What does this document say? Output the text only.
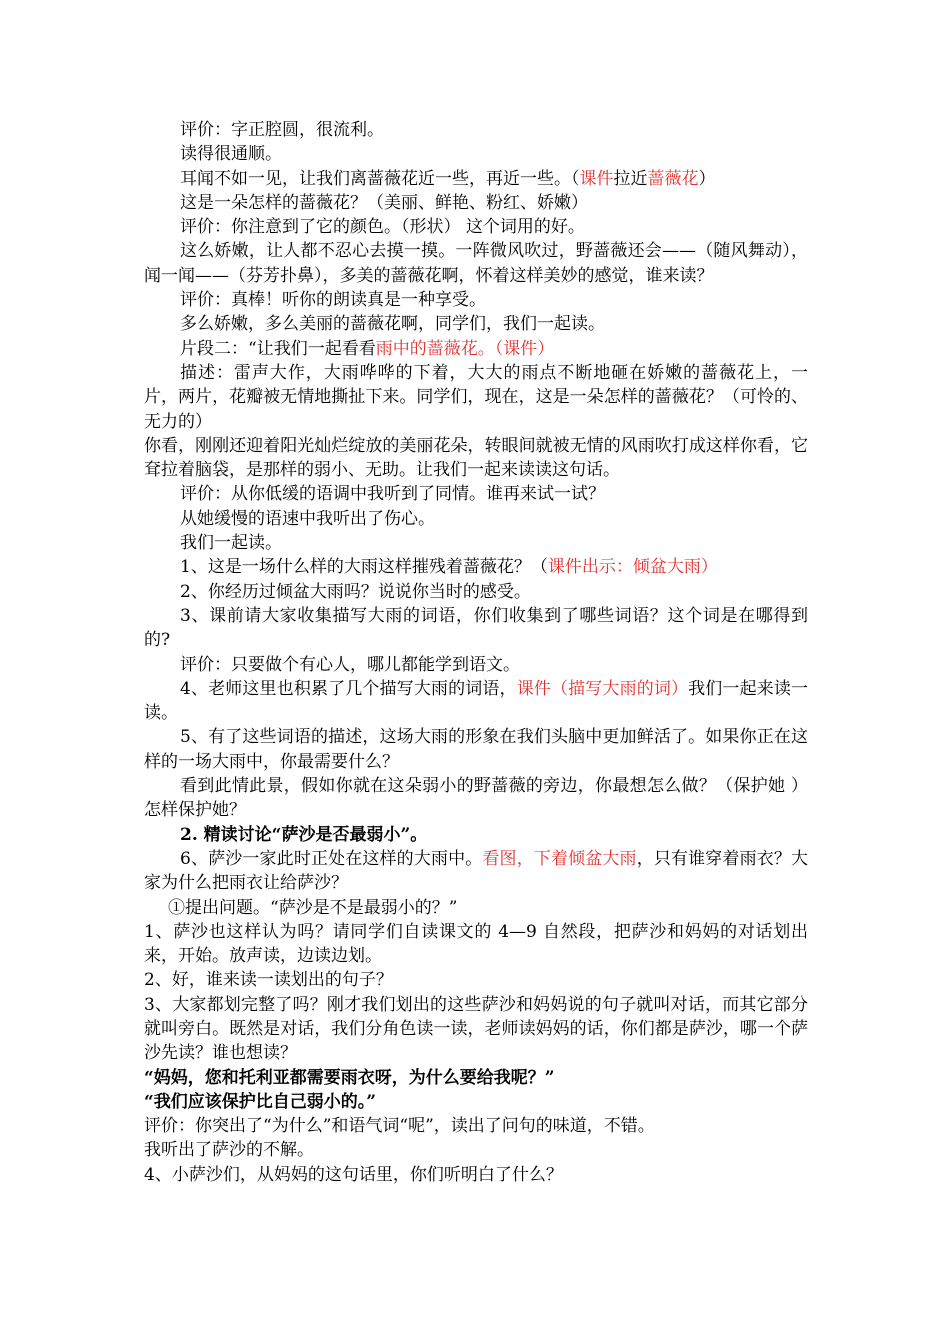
评价：字正腔圆，很流利。

读得很通顺。

耳闻不如一见，让我们离蔷薇花近一些，再近一些。（课件拉近蔷薇花）

这是一朵怎样的蔷薇花？（美丽、鲜艳、粉红、娇嫩）

评价：你注意到了它的颜色。（形状） 这个词用的好。

这么娇嫩，让人都不忍心去摸一摸。一阵微风吹过，野蔷薇还会——（随风舞动），闻一闻——（芬芳扑鼻），多美的蔷薇花啊，怀着这样美妙的感觉，谁来读？

评价：真棒！听你的朗读真是一种享受。

多么娇嫩，多么美丽的蔷薇花啊，同学们，我们一起读。

片段二：“让我们一起看看雨中的蔷薇花。（课件）

描述：雷声大作，大雨哗哗的下着，大大的雨点不断地砸在娇嫩的蔷薇花上，一片，两片，花瓣被无情地撕扯下来。同学们，现在，这是一朵怎样的蔷薇花？（可怜的、无力的）

你看，刚刚还迎着阳光灿烂绽放的美丽花朵，转眼间就被无情的风雨吹打成这样你看，它耷拉着脑袋，是那样的弱小、无助。让我们一起来读读这句话。

评价：从你低缓的语调中我听到了同情。谁再来试一试？

从她缓慢的语速中我听出了伤心。

我们一起读。

1、这是一场什么样的大雨这样摧残着蔷薇花？（课件出示：倾盆大雨）

2、你经历过倾盆大雨吗？说说你当时的感受。

3、课前请大家收集描写大雨的词语，你们收集到了哪些词语？这个词是在哪得到的?

评价：只要做个有心人，哪儿都能学到语文。

4、老师这里也积累了几个描写大雨的词语，课件（描写大雨的词）我们一起来读一读。

5、有了这些词语的描述，这场大雨的形象在我们头脑中更加鲜活了。如果你正在这样的一场大雨中，你最需要什么？

看到此情此景，假如你就在这朵弱小的野蔷薇的旁边，你最想怎么做？（保护她 ） 怎样保护她？

2. 精读讨论“萨沙是否最弱小”。

6、萨沙一家此时正处在这样的大雨中。看图，下着倾盆大雨，只有谁穿着雨衣？大家为什么把雨衣让给萨沙？

①提出问题。“萨沙是不是最弱小的？”

1、萨沙也这样认为吗？请同学们自读课文的 4—9 自然段，把萨沙和妈妈的对话划出来，开始。放声读，边读边划。

2、好，谁来读一读划出的句子？

3、大家都划完整了吗？刚才我们划出的这些萨沙和妈妈说的句子就叫对话，而其它部分就叫旁白。既然是对话，我们分角色读一读，老师读妈妈的话，你们都是萨沙，哪一个萨沙先读？谁也想读？

“妈妈，您和托利亚都需要雨衣呀，为什么要给我呢？”

“我们应该保护比自己弱小的。”

评价：你突出了“为什么”和语气词“呢”，读出了问句的味道，不错。

我听出了萨沙的不解。

4、小萨沙们，从妈妈的这句话里，你们听明白了什么？
